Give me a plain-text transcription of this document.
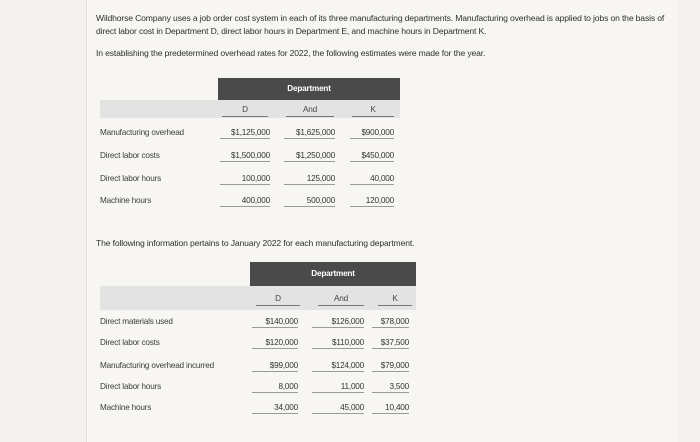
Wildhorse Company uses a job order cost system in each of its three manufacturing departments. Manufacturing overhead is applied to jobs on the basis of direct labor cost in Department D, direct labor hours in Department E, and machine hours in Department K.

In establishing the predetermined overhead rates for 2022, the following estimates were made for the year.

Department
D	And	K
Manufacturing overhead	$1,125,000	$1,625,000	$900,000
Direct labor costs	$1,500,000	$1,250,000	$450,000
Direct labor hours	100,000	125,000	40,000
Machine hours	400,000	500,000	120,000
The following information pertains to January 2022 for each manufacturing department.
Department
D	And	K
Direct materials used	$140,000	$126,000	$78,000
Direct labor costs	$120,000	$110,000	$37,500
Manufacturing overhead incurred	$99,000	$124,000	$79,000
Direct labor hours	8,000	11,000	3,500
Machine hours	34,000	45,000	10,400
